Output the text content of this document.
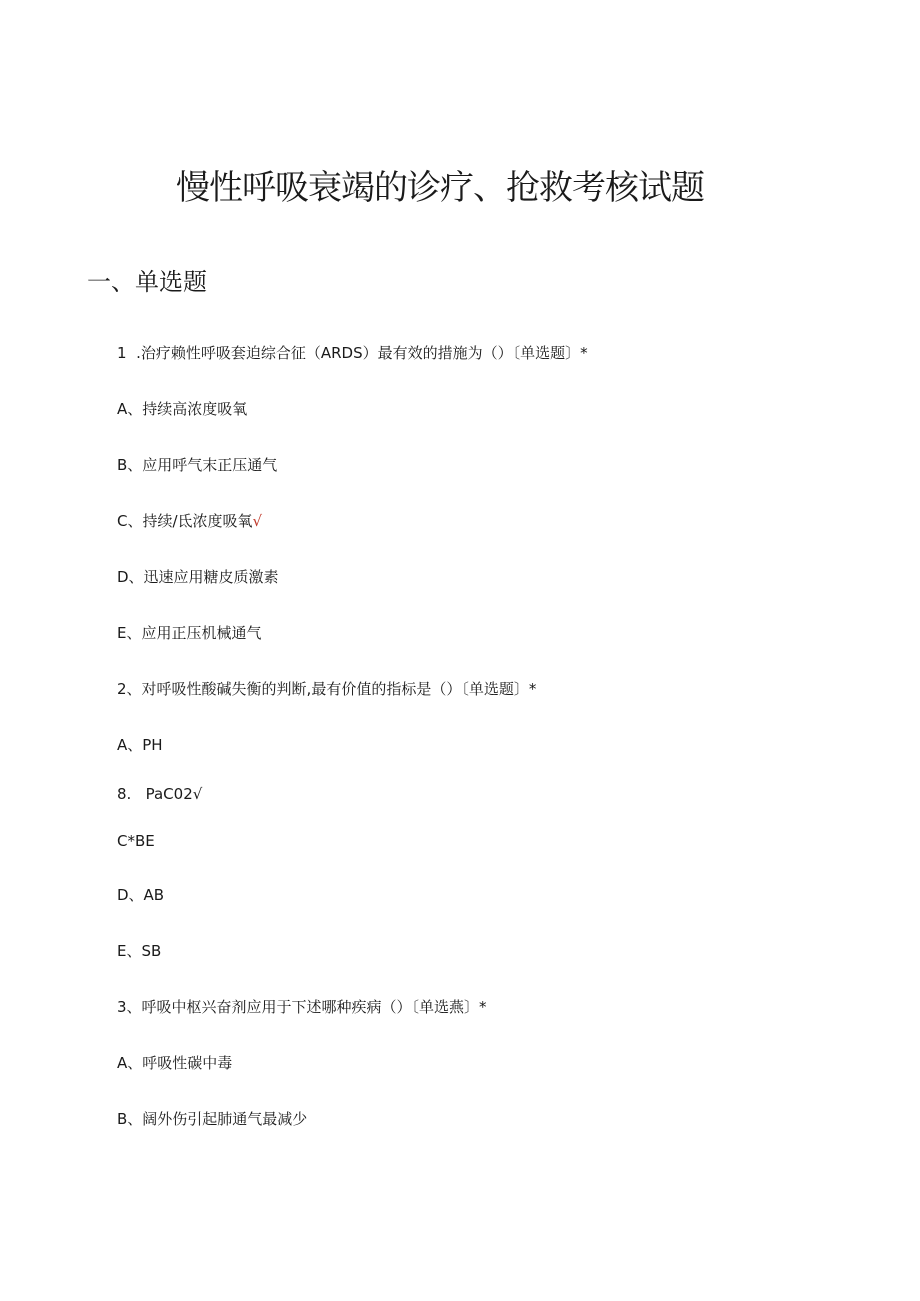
慢性呼吸衰竭的诊疗、抢救考核试题
一、单选题

1  .治疗赖性呼吸套迫综合征（ARDS）最有效的措施为（）〔单选题〕*

A、持续高浓度吸氧

B、应用呼气末正压通气

C、持续/氐浓度吸氧√

D、迅速应用糖皮质激素

E、应用正压机械通气

2、对呼吸性酸碱失衡的判断,最有价值的指标是（）〔单选题〕*

A、PH

8.   PaC02√

C*BE

D、AB

E、SB

3、呼吸中枢兴奋剂应用于下述哪种疾病（）〔单选燕〕*

A、呼吸性碳中毒

B、阔外伤引起肺通气最减少
